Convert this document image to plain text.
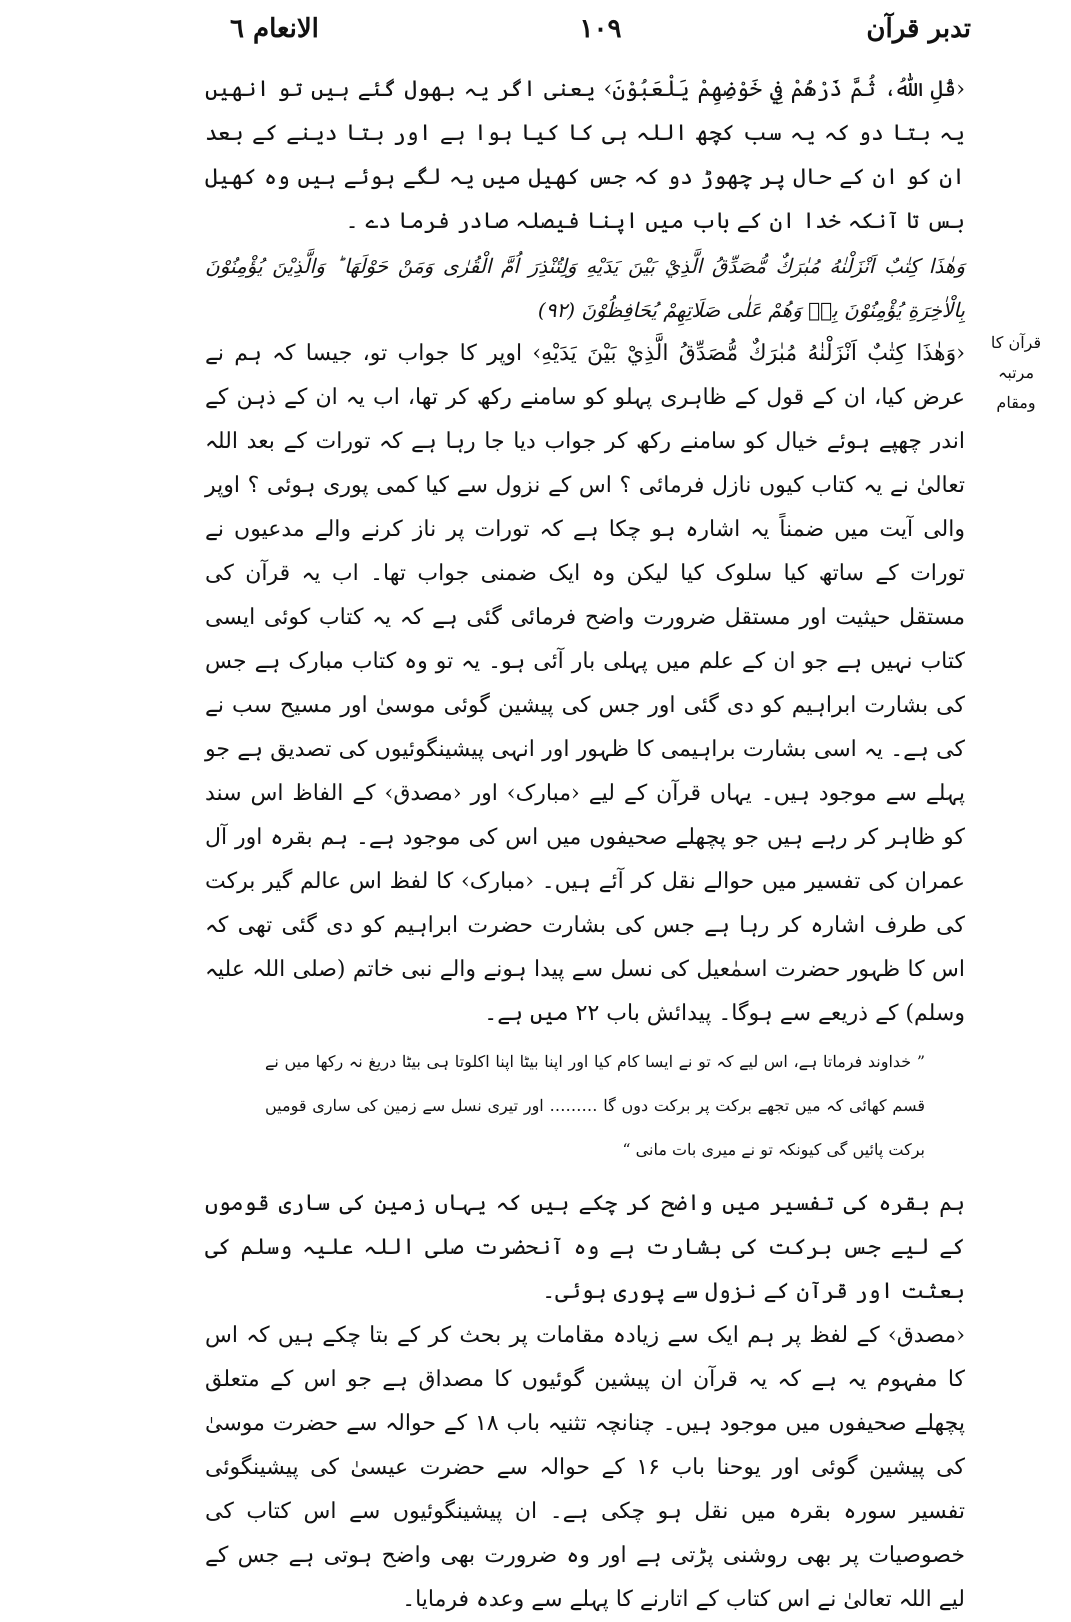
تدبر قرآن
١٠٩
الانعام ٦
قرآن کا مرتبہ ومقام

‹قُلِ اللّٰهُ، ثُمَّ ذَرْهُمْ فِي خَوْضِهِمْ يَلْعَبُوْنَ› یعنی اگر یہ بھول گئے ہیں تو انھیں یہ بتا دو کہ یہ سب کچھ اللہ ہی کا کیا ہوا ہے اور بتا دینے کے بعد ان کو ان کے حال پر چھوڑ دو کہ جس کھیل میں یہ لگے ہوئے ہیں وہ کھیل بس تا آنکہ خدا ان کے باب میں اپنا فیصلہ صادر فرما دے ۔

وَهٰذَا كِتٰبٌ اَنْزَلْنٰهُ مُبٰرَكٌ مُّصَدِّقُ الَّذِيْ بَيْنَ يَدَيْهِ وَلِتُنْذِرَ اُمَّ الْقُرٰى وَمَنْ حَوْلَهَا ؕ وَالَّذِيْنَ يُؤْمِنُوْنَ بِالْاٰخِرَةِ يُؤْمِنُوْنَ بِهٖ وَهُمْ عَلٰى صَلَاتِهِمْ يُحَافِظُوْنَ (٩٢)

‹وَهٰذَا كِتٰبٌ اَنْزَلْنٰهُ مُبٰرَكٌ مُّصَدِّقُ الَّذِيْ بَيْنَ يَدَيْهِ› اوپر کا جواب تو، جیسا کہ ہم نے عرض کیا، ان کے قول کے ظاہری پہلو کو سامنے رکھ کر تھا، اب یہ ان کے ذہن کے اندر چھپے ہوئے خیال کو سامنے رکھ کر جواب دیا جا رہا ہے کہ تورات کے بعد اللہ تعالیٰ نے یہ کتاب کیوں نازل فرمائی ؟ اس کے نزول سے کیا کمی پوری ہوئی ؟ اوپر والی آیت میں ضمناً یہ اشارہ ہو چکا ہے کہ تورات پر ناز کرنے والے مدعیوں نے تورات کے ساتھ کیا سلوک کیا لیکن وہ ایک ضمنی جواب تھا۔ اب یہ قرآن کی مستقل حیثیت اور مستقل ضرورت واضح فرمائی گئی ہے کہ یہ کتاب کوئی ایسی کتاب نہیں ہے جو ان کے علم میں پہلی بار آئی ہو۔ یہ تو وہ کتاب مبارک ہے جس کی بشارت ابراہیم کو دی گئی اور جس کی پیشین گوئی موسیٰ اور مسیح سب نے کی ہے۔ یہ اسی بشارت براہیمی کا ظہور اور انہی پیشینگوئیوں کی تصدیق ہے جو پہلے سے موجود ہیں۔ یہاں قرآن کے لیے ‹مبارک› اور ‹مصدق› کے الفاظ اس سند کو ظاہر کر رہے ہیں جو پچھلے صحیفوں میں اس کی موجود ہے۔ ہم بقرہ اور آل عمران کی تفسیر میں حوالے نقل کر آئے ہیں۔ ‹مبارک› کا لفظ اس عالم گیر برکت کی طرف اشارہ کر رہا ہے جس کی بشارت حضرت ابراہیم کو دی گئی تھی کہ اس کا ظہور حضرت اسمٰعیل کی نسل سے پیدا ہونے والے نبی خاتم (صلی اللہ علیہ وسلم) کے ذریعے سے ہوگا۔ پیدائش باب ۲۲ میں ہے۔

” خداوند فرماتا ہے، اس لیے کہ تو نے ایسا کام کیا اور اپنا بیٹا اپنا اکلوتا ہی بیٹا دریغ نہ رکھا میں نے قسم کھائی کہ میں تجھے برکت پر برکت دوں گا ……… اور تیری نسل سے زمین کی ساری قومیں برکت پائیں گی کیونکہ تو نے میری بات مانی “

ہم بقرہ کی تفسیر میں واضح کر چکے ہیں کہ یہاں زمین کی ساری قوموں کے لیے جس برکت کی بشارت ہے وہ آنحضرت صلی اللہ علیہ وسلم کی بعثت اور قرآن کے نزول سے پوری ہوئی۔

‹مصدق› کے لفظ پر ہم ایک سے زیادہ مقامات پر بحث کر کے بتا چکے ہیں کہ اس کا مفہوم یہ ہے کہ یہ قرآن ان پیشین گوئیوں کا مصداق ہے جو اس کے متعلق پچھلے صحیفوں میں موجود ہیں۔ چنانچہ تثنیہ باب ۱۸ کے حوالہ سے حضرت موسیٰ کی پیشین گوئی اور یوحنا باب ۱۶ کے حوالہ سے حضرت عیسیٰ کی پیشینگوئی تفسیر سورہ بقرہ میں نقل ہو چکی ہے۔ ان پیشینگوئیوں سے اس کتاب کی خصوصیات پر بھی روشنی پڑتی ہے اور وہ ضرورت بھی واضح ہوتی ہے جس کے لیے اللہ تعالیٰ نے اس کتاب کے اتارنے کا پہلے سے وعدہ فرمایا۔
